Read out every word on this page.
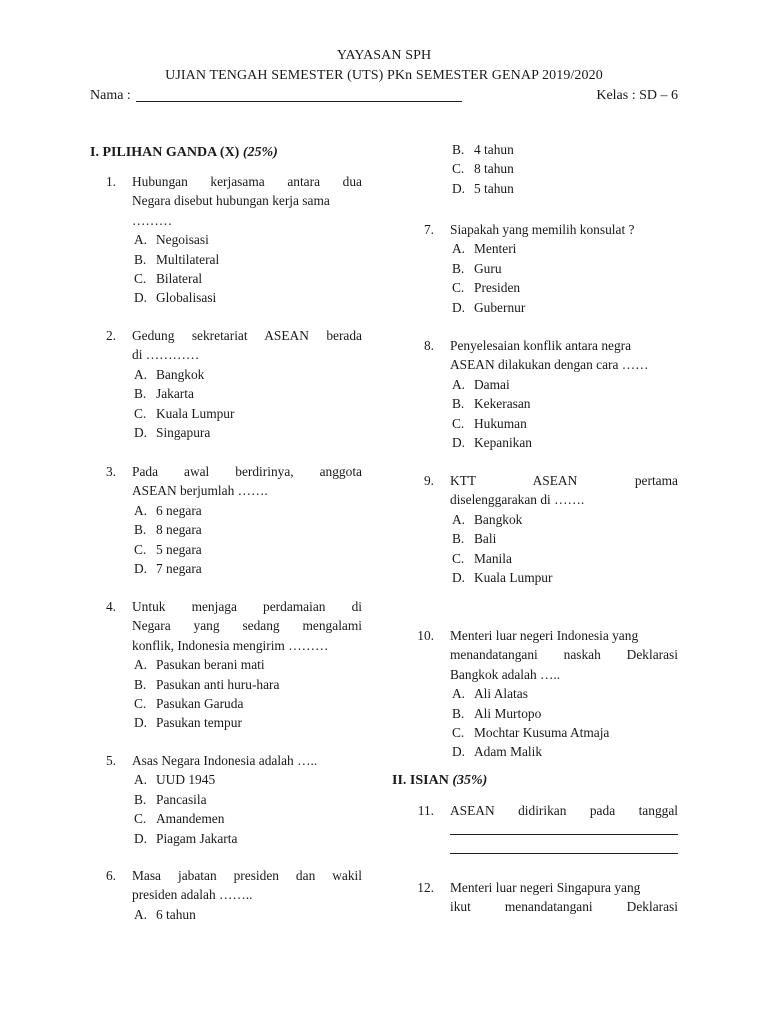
YAYASAN SPH
UJIAN TENGAH SEMESTER (UTS) PKn SEMESTER GENAP 2019/2020
Nama :	Kelas : SD – 6
I. PILIHAN GANDA (X) (25%)
II. ISIAN (35%)
1. Hubungan kerjasama antara dua
Negara disebut hubungan kerja sama
………
A. Negoisasi
B. Multilateral
C. Bilateral
D. Globalisasi
2. Gedung sekretariat ASEAN berada
di …………
A. Bangkok
B. Jakarta
C. Kuala Lumpur
D. Singapura
3. Pada awal berdirinya, anggota
ASEAN berjumlah …….
A. 6 negara
B. 8 negara
C. 5 negara
D. 7 negara
4. Untuk menjaga perdamaian di
Negara yang sedang mengalami
konflik, Indonesia mengirim ………
A. Pasukan berani mati
B. Pasukan anti huru-hara
C. Pasukan Garuda
D. Pasukan tempur
5. Asas Negara Indonesia adalah …..
A. UUD 1945
B. Pancasila
C. Amandemen
D. Piagam Jakarta
6. Masa jabatan presiden dan wakil
presiden adalah ……..
A. 6 tahun
B. 4 tahun
C. 8 tahun
D. 5 tahun
7. Siapakah yang memilih konsulat ?
A. Menteri
B. Guru
C. Presiden
D. Gubernur
8. Penyelesaian konflik antara negra
ASEAN dilakukan dengan cara ……
A. Damai
B. Kekerasan
C. Hukuman
D. Kepanikan
9. KTT ASEAN pertama
diselenggarakan di …….
A. Bangkok
B. Bali
C. Manila
D. Kuala Lumpur
10. Menteri luar negeri Indonesia yang
menandatangani naskah Deklarasi
Bangkok adalah …..
A. Ali Alatas
B. Ali Murtopo
C. Mochtar Kusuma Atmaja
D. Adam Malik
11. ASEAN didirikan pada tanggal
12. Menteri luar negeri Singapura yang
ikut menandatangani Deklarasi
